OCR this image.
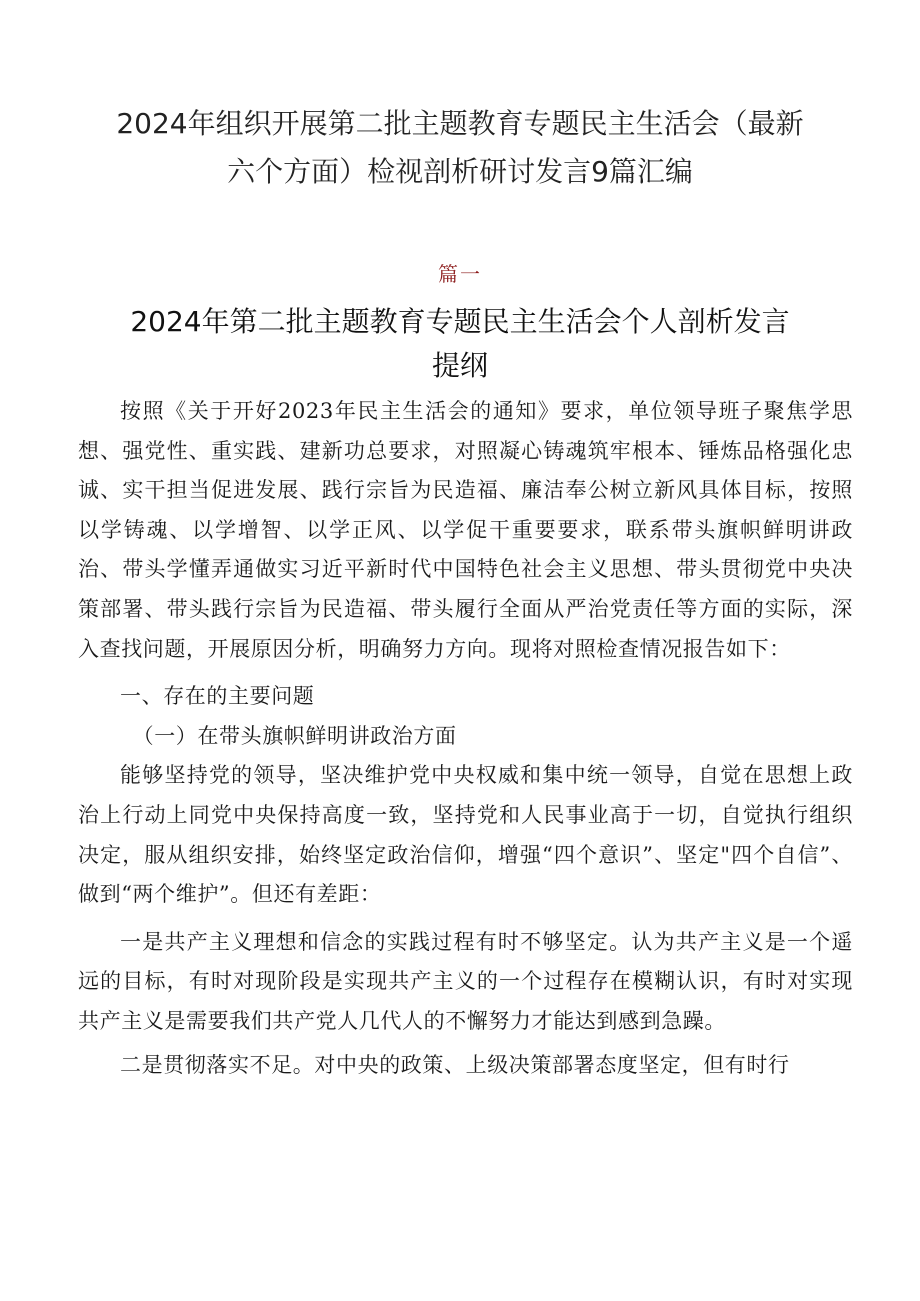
2024年组织开展第二批主题教育专题民主生活会（最新
六个方面）检视剖析研讨发言9篇汇编
篇一
2024年第二批主题教育专题民主生活会个人剖析发言
提纲

按照《关于开好2023年民主生活会的通知》要求，单位领导班子聚焦学思想、强党性、重实践、建新功总要求，对照凝心铸魂筑牢根本、锤炼品格强化忠诚、实干担当促进发展、践行宗旨为民造福、廉洁奉公树立新风具体目标，按照以学铸魂、以学增智、以学正风、以学促干重要要求，联系带头旗帜鲜明讲政治、带头学懂弄通做实习近平新时代中国特色社会主义思想、带头贯彻党中央决策部署、带头践行宗旨为民造福、带头履行全面从严治党责任等方面的实际，深入查找问题，开展原因分析，明确努力方向。现将对照检查情况报告如下：

一、存在的主要问题

（一）在带头旗帜鲜明讲政治方面

能够坚持党的领导，坚决维护党中央权威和集中统一领导，自觉在思想上政治上行动上同党中央保持高度一致，坚持党和人民事业高于一切，自觉执行组织决定，服从组织安排，始终坚定政治信仰，增强“四个意识”、坚定"四个自信”、做到“两个维护”。但还有差距：

一是共产主义理想和信念的实践过程有时不够坚定。认为共产主义是一个遥远的目标，有时对现阶段是实现共产主义的一个过程存在模糊认识，有时对实现共产主义是需要我们共产党人几代人的不懈努力才能达到感到急躁。

二是贯彻落实不足。对中央的政策、上级决策部署态度坚定，但有时行
